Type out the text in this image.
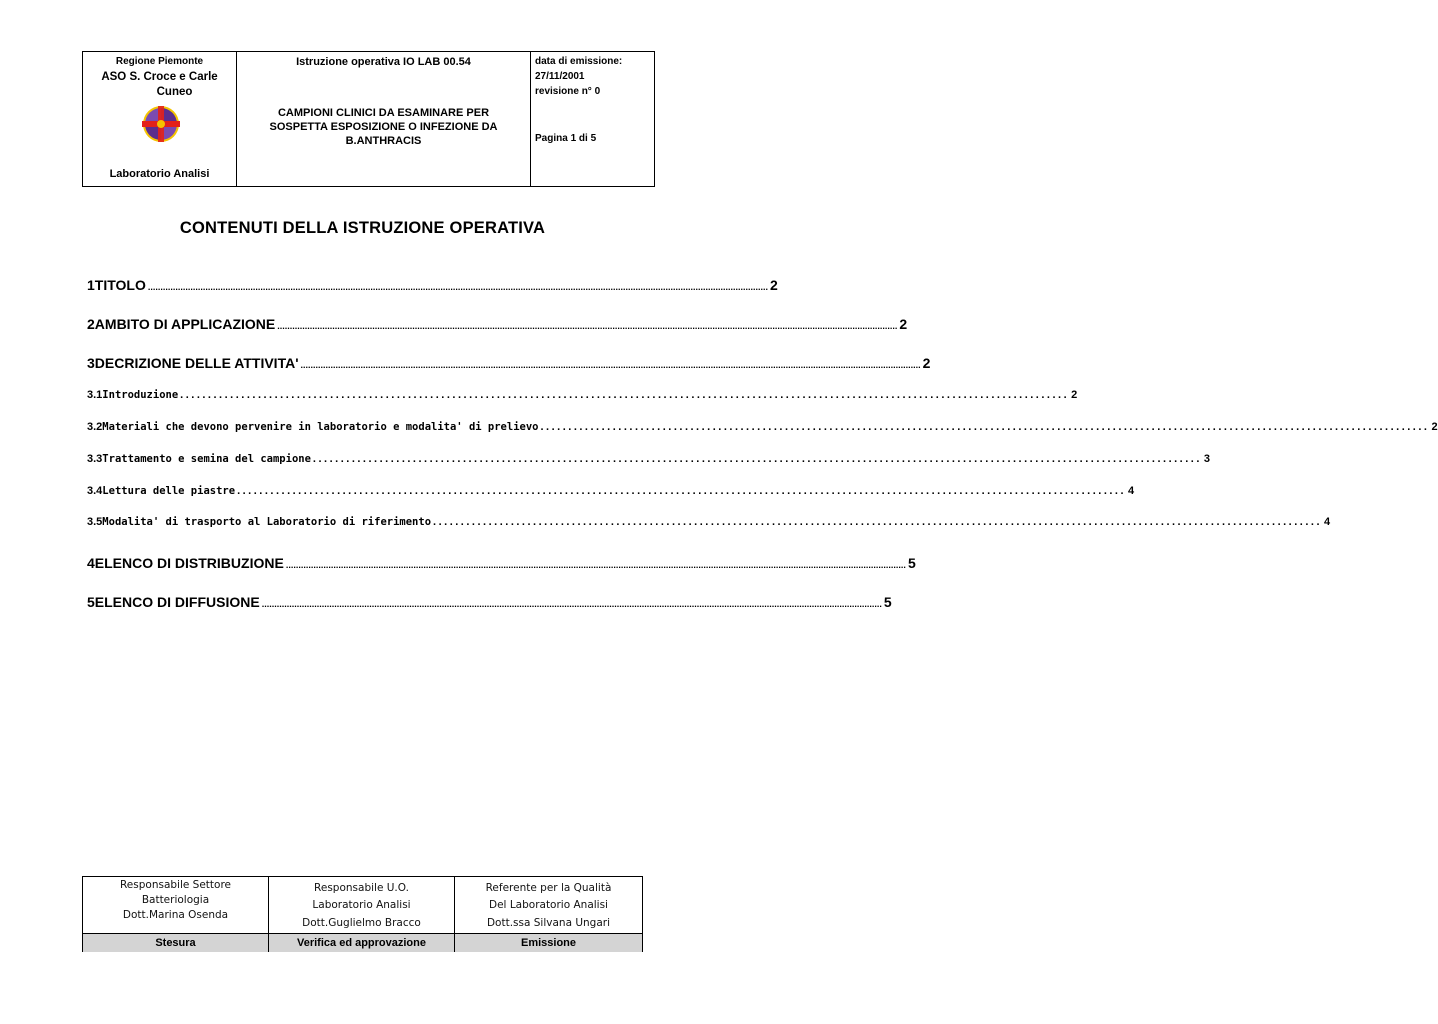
Regione Piemonte
ASO S. Croce e Carle
Cuneo
Laboratorio Analisi
Istruzione operativa IO LAB 00.54
CAMPIONI CLINICI DA ESAMINARE PER
SOSPETTA ESPOSIZIONE O INFEZIONE DA
B.ANTHRACIS
data di emissione:
27/11/2001
revisione n° 0
Pagina 1 di 5
CONTENUTI DELLA ISTRUZIONE OPERATIVA
1 TITOLO ........................................................................................................................................................................................................................................................ 2
2 AMBITO DI APPLICAZIONE ........................................................................................................................................................................................................................................................ 2
3 DECRIZIONE DELLE ATTIVITA' ........................................................................................................................................................................................................................................................ 2
3.1 Introduzione ................................................................................................................................................................ 2
3.2 Materiali che devono pervenire in laboratorio e modalita' di prelievo ................................................................................................................................................................ 2
3.3 Trattamento e semina del campione ................................................................................................................................................................ 3
3.4 Lettura delle piastre ................................................................................................................................................................ 4
3.5 Modalita' di trasporto al Laboratorio di riferimento ................................................................................................................................................................ 4
4 ELENCO DI DISTRIBUZIONE ........................................................................................................................................................................................................................................................ 5
5 ELENCO DI DIFFUSIONE ........................................................................................................................................................................................................................................................ 5
Responsabile Settore
Batteriologia
Dott.Marina Osenda
Responsabile U.O.
Laboratorio Analisi
Dott.Guglielmo Bracco
Referente per la Qualità
Del Laboratorio Analisi
Dott.ssa Silvana Ungari
Stesura	Verifica ed approvazione	Emissione
